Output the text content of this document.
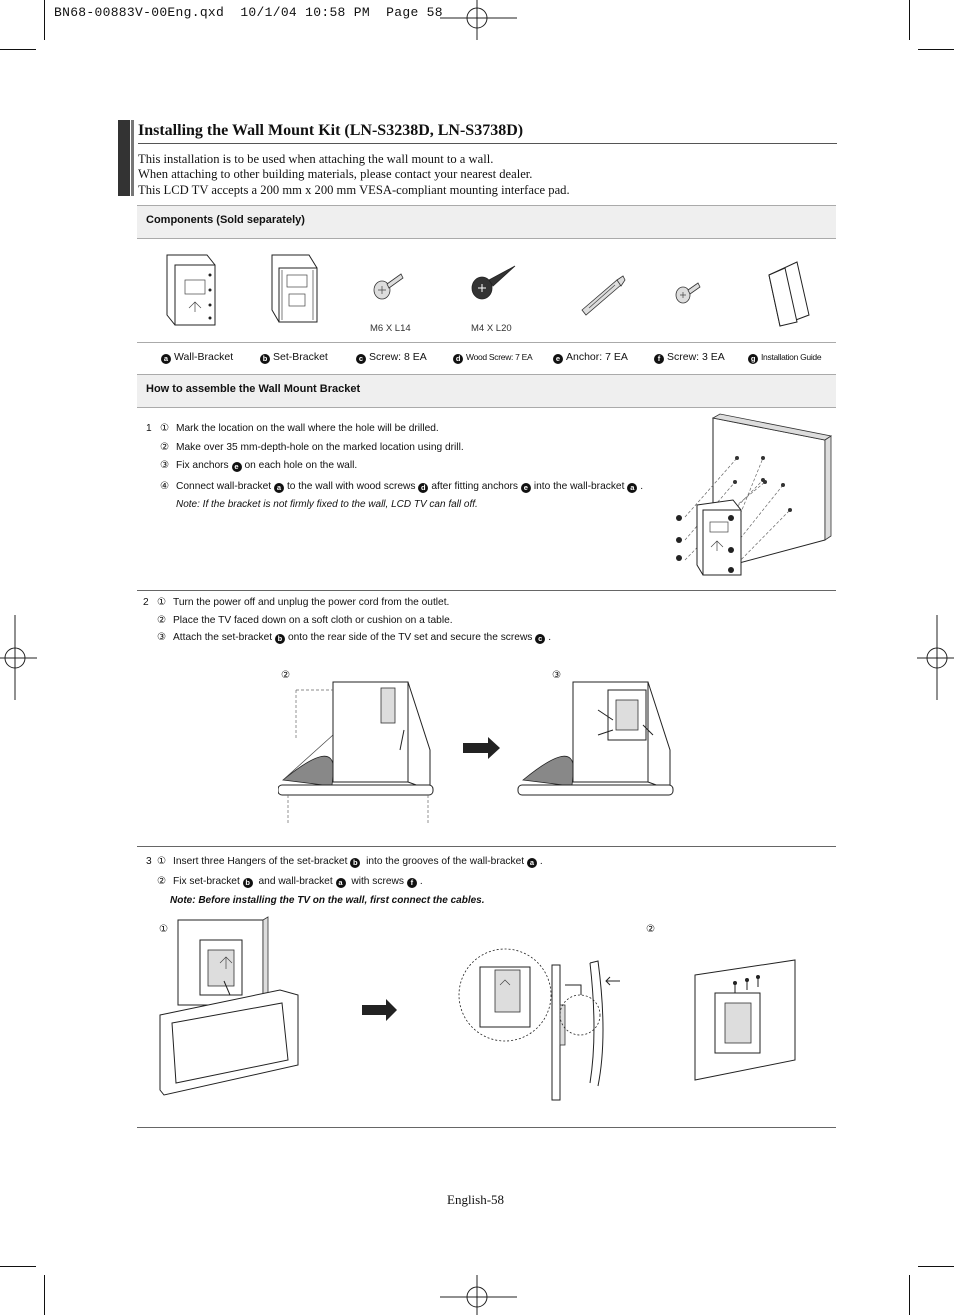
BN68-00883V-00Eng.qxd  10/1/04 10:58 PM  Page 58
Installing the Wall Mount Kit (LN-S3238D, LN-S3738D)
This installation is to be used when attaching the wall mount to a wall.
When attaching to other building materials, please contact your nearest dealer.
This LCD TV accepts a 200 mm x 200 mm VESA-compliant mounting interface pad.
Components (Sold separately)
M6 X L14	M4 X L20
a Wall-Bracket	b Set-Bracket	c Screw: 8 EA	d Wood Screw: 7 EA	e Anchor: 7 EA	f Screw: 3 EA	g Installation Guide
How to assemble the Wall Mount Bracket
1 ① Mark the location on the wall where the hole will be drilled.
② Make over 35 mm-depth-hole on the marked location using drill.
③ Fix anchors e on each hole on the wall.
④ Connect wall-bracket a to the wall with wood screws d after fitting anchors e into the wall-bracket a .
Note: If the bracket is not firmly fixed to the wall, LCD TV can fall off.
2 ① Turn the power off and unplug the power cord from the outlet.
② Place the TV faced down on a soft cloth or cushion on a table.
③ Attach the set-bracket b onto the rear side of the TV set and secure the screws c .
②	③
3 ① Insert three Hangers of the set-bracket b into the grooves of the wall-bracket a .
② Fix set-bracket b and wall-bracket a with screws f .
Note: Before installing the TV on the wall, first connect the cables.
①	②
English-58
